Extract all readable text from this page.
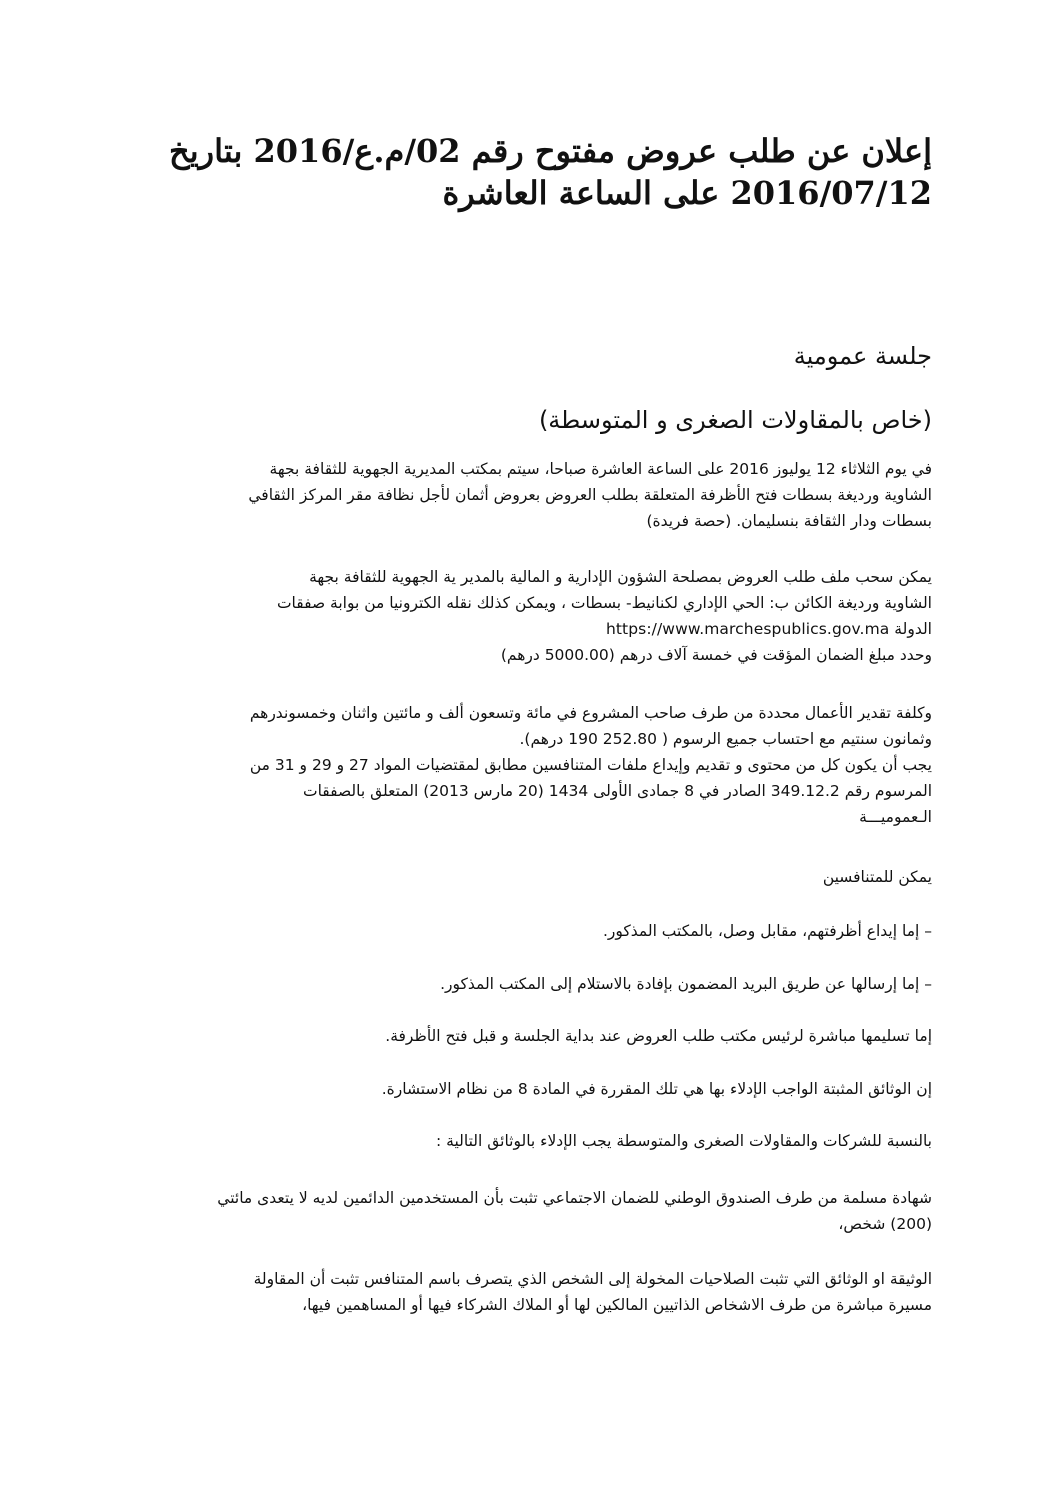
إعلان عن طلب عروض مفتوح رقم 02/م.ع/2016 بتاريخ
2016/07/12 على الساعة العاشرة

جلسة عمومية

(خاص بالمقاولات الصغرى و المتوسطة)

في يوم الثلاثاء 12 يوليوز 2016 على الساعة العاشرة صباحا، سيتم بمكتب المديرية الجهوية للثقافة بجهة
الشاوية ورديغة بسطات فتح الأظرفة المتعلقة بطلب العروض بعروض أثمان لأجل نظافة مقر المركز الثقافي
بسطات ودار الثقافة بنسليمان. (حصة فريدة)

يمكن سحب ملف طلب العروض بمصلحة الشؤون الإدارية و المالية بالمدير ية الجهوية للثقافة بجهة
الشاوية ورديغة الكائن ب: الحي الإداري لكنانيط- بسطات ، ويمكن كذلك نقله الكترونيا من بوابة صفقات
الدولة https://www.marchespublics.gov.ma
وحدد مبلغ الضمان المؤقت في خمسة آلاف درهم (5000.00 درهم)

وكلفة تقدير الأعمال محددة من طرف صاحب المشروع في مائة وتسعون ألف و مائتين واثنان وخمسوندرهم
وثمانون سنتيم مع احتساب جميع الرسوم ( 252.80 190 درهم).
يجب أن يكون كل من محتوى و تقديم وإيداع ملفات المتنافسين مطابق لمقتضيات المواد 27 و 29 و 31 من
المرسوم رقم 349.12.2 الصادر في 8 جمادى الأولى 1434 (20 مارس 2013) المتعلق بالصفقات
الـعموميـــة

يمكن للمتنافسين

– إما إيداع أظرفتهم، مقابل وصل، بالمكتب المذكور.

– إما إرسالها عن طريق البريد المضمون بإفادة بالاستلام إلى المكتب المذكور.

إما تسليمها مباشرة لرئيس مكتب طلب العروض عند بداية الجلسة و قبل فتح الأظرفة.

إن الوثائق المثبتة الواجب الإدلاء بها هي تلك المقررة في المادة 8 من نظام الاستشارة.

بالنسبة للشركات والمقاولات الصغرى والمتوسطة يجب الإدلاء بالوثائق التالية :

شهادة مسلمة من طرف الصندوق الوطني للضمان الاجتماعي تثبت بأن المستخدمين الدائمين لديه لا يتعدى مائتي
(200) شخص،

الوثيقة او الوثائق التي تثبت الصلاحيات المخولة إلى الشخص الذي يتصرف باسم المتنافس تثبت أن المقاولة
مسيرة مباشرة من طرف الاشخاص الذاتيين المالكين لها أو الملاك الشركاء فيها أو المساهمين فيها،
